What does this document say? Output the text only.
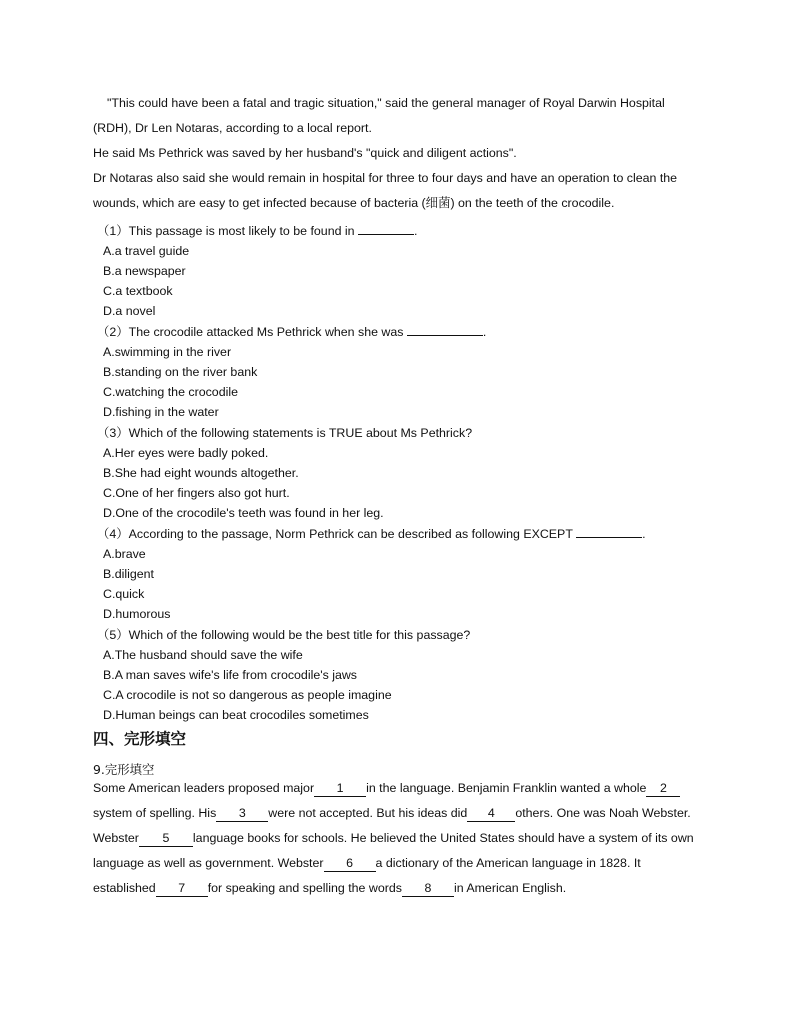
"This could have been a fatal and tragic situation," said the general manager of Royal Darwin Hospital

(RDH), Dr Len Notaras, according to a local report.

He said Ms Pethrick was saved by her husband's "quick and diligent actions".

Dr Notaras also said she would remain in hospital for three to four days and have an operation to clean the

wounds, which are easy to get infected because of bacteria (细菌) on the teeth of the crocodile.

（1）This passage is most likely to be found in	.
A.a travel guide
B.a newspaper
C.a textbook
D.a novel
（2）The crocodile attacked Ms Pethrick when she was	.
A.swimming in the river
B.standing on the river bank
C.watching the crocodile
D.fishing in the water
（3）Which of the following statements is TRUE about Ms Pethrick?
A.Her eyes were badly poked.
B.She had eight wounds altogether.
C.One of her fingers also got hurt.
D.One of the crocodile's teeth was found in her leg.
（4）According to the passage, Norm Pethrick can be described as following EXCEPT	.
A.brave
B.diligent
C.quick
D.humorous
（5）Which of the following would be the best title for this passage?
A.The husband should save the wife
B.A man saves wife's life from crocodile's jaws
C.A crocodile is not so dangerous as people imagine
D.Human beings can beat crocodiles sometimes
四、完形填空
9.完形填空
Some American leaders proposed major 1 in the language. Benjamin Franklin wanted a whole 2
system of spelling. His 3 were not accepted. But his ideas did 4 others. One was Noah Webster.
Webster 5 language books for schools. He believed the United States should have a system of its own
language as well as government. Webster 6 a dictionary of the American language in 1828. It
established 7 for speaking and spelling the words 8 in American English.
